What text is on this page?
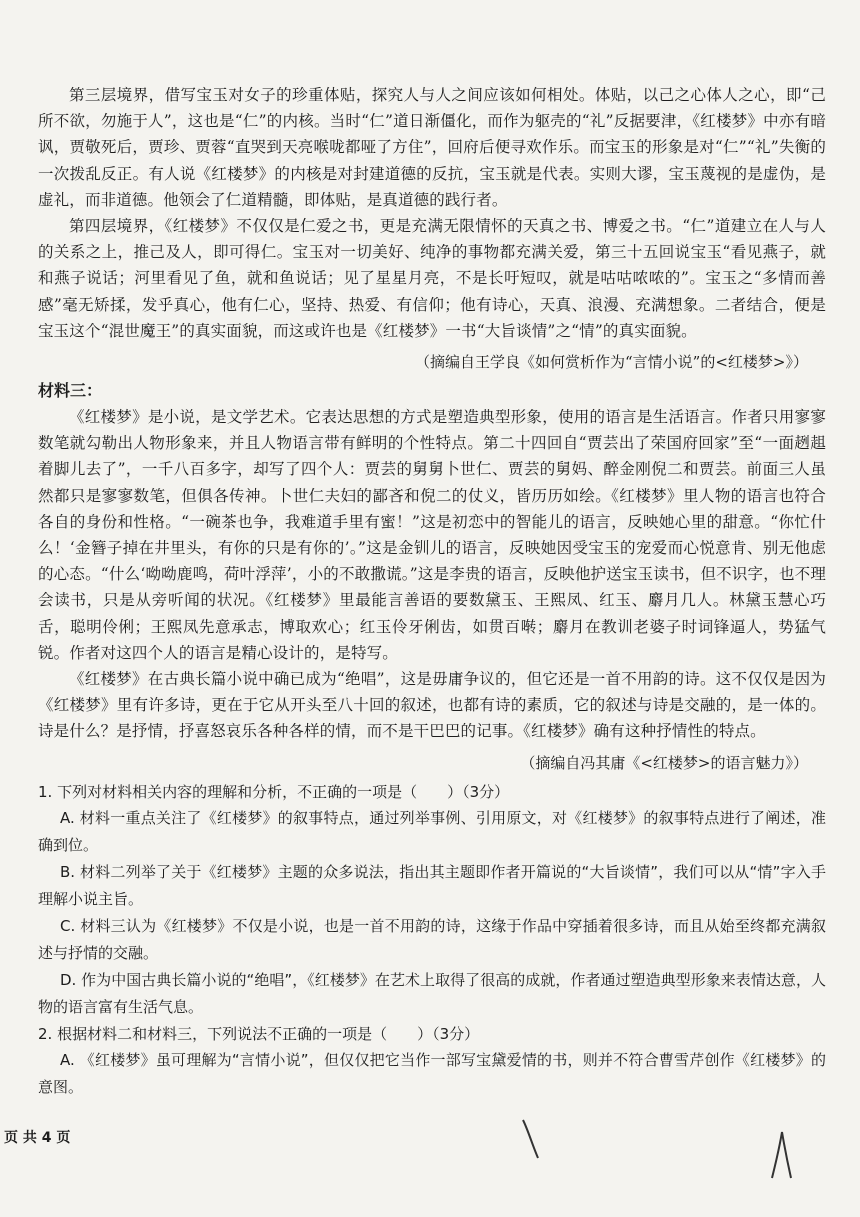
第三层境界，借写宝玉对女子的珍重体贴，探究人与人之间应该如何相处。体贴，以己之心体人之心，即“己所不欲，勿施于人”，这也是“仁”的内核。当时“仁”道日渐僵化，而作为躯壳的“礼”反据要津，《红楼梦》中亦有暗讽，贾敬死后，贾珍、贾蓉“直哭到天亮喉咙都哑了方住”，回府后便寻欢作乐。而宝玉的形象是对“仁”“礼”失衡的一次拨乱反正。有人说《红楼梦》的内核是对封建道德的反抗，宝玉就是代表。实则大谬，宝玉蔑视的是虚伪，是虚礼，而非道德。他领会了仁道精髓，即体贴，是真道德的践行者。

第四层境界，《红楼梦》不仅仅是仁爱之书，更是充满无限情怀的天真之书、博爱之书。“仁”道建立在人与人的关系之上，推己及人，即可得仁。宝玉对一切美好、纯净的事物都充满关爱，第三十五回说宝玉“看见燕子，就和燕子说话；河里看见了鱼，就和鱼说话；见了星星月亮，不是长吁短叹，就是咕咕哝哝的”。宝玉之“多情而善感”毫无矫揉，发乎真心，他有仁心，坚持、热爱、有信仰；他有诗心，天真、浪漫、充满想象。二者结合，便是宝玉这个“混世魔王”的真实面貌，而这或许也是《红楼梦》一书“大旨谈情”之“情”的真实面貌。

（摘编自王学良《如何赏析作为“言情小说”的<红楼梦>》）

材料三：

《红楼梦》是小说，是文学艺术。它表达思想的方式是塑造典型形象，使用的语言是生活语言。作者只用寥寥数笔就勾勒出人物形象来，并且人物语言带有鲜明的个性特点。第二十四回自“贾芸出了荣国府回家”至“一面趔趄着脚儿去了”，一千八百多字，却写了四个人：贾芸的舅舅卜世仁、贾芸的舅妈、醉金刚倪二和贾芸。前面三人虽然都只是寥寥数笔，但俱各传神。卜世仁夫妇的鄙吝和倪二的仗义，皆历历如绘。《红楼梦》里人物的语言也符合各自的身份和性格。“一碗茶也争，我难道手里有蜜！”这是初恋中的智能儿的语言，反映她心里的甜意。“你忙什么！‘金簪子掉在井里头，有你的只是有你的’。”这是金钏儿的语言，反映她因受宝玉的宠爱而心悦意肯、别无他虑的心态。“什么‘呦呦鹿鸣，荷叶浮萍’，小的不敢撒谎。”这是李贵的语言，反映他护送宝玉读书，但不识字，也不理会读书，只是从旁听闻的状况。《红楼梦》里最能言善语的要数黛玉、王熙凤、红玉、麝月几人。林黛玉慧心巧舌，聪明伶俐；王熙凤先意承志，博取欢心；红玉伶牙俐齿，如贯百啭；麝月在教训老婆子时词锋逼人，势猛气锐。作者对这四个人的语言是精心设计的，是特写。

《红楼梦》在古典长篇小说中确已成为“绝唱”，这是毋庸争议的，但它还是一首不用韵的诗。这不仅仅是因为《红楼梦》里有许多诗，更在于它从开头至八十回的叙述，也都有诗的素质，它的叙述与诗是交融的，是一体的。诗是什么？是抒情，抒喜怒哀乐各种各样的情，而不是干巴巴的记事。《红楼梦》确有这种抒情性的特点。

（摘编自冯其庸《<红楼梦>的语言魅力》）

1. 下列对材料相关内容的理解和分析，不正确的一项是（　　）（3分）

A. 材料一重点关注了《红楼梦》的叙事特点，通过列举事例、引用原文，对《红楼梦》的叙事特点进行了阐述，准确到位。

B. 材料二列举了关于《红楼梦》主题的众多说法，指出其主题即作者开篇说的“大旨谈情”，我们可以从“情”字入手理解小说主旨。

C. 材料三认为《红楼梦》不仅是小说，也是一首不用韵的诗，这缘于作品中穿插着很多诗，而且从始至终都充满叙述与抒情的交融。

D. 作为中国古典长篇小说的“绝唱”，《红楼梦》在艺术上取得了很高的成就，作者通过塑造典型形象来表情达意，人物的语言富有生活气息。

2. 根据材料二和材料三，下列说法不正确的一项是（　　）（3分）

A. 《红楼梦》虽可理解为“言情小说”，但仅仅把它当作一部写宝黛爱情的书，则并不符合曹雪芹创作《红楼梦》的意图。

页 共 4 页
